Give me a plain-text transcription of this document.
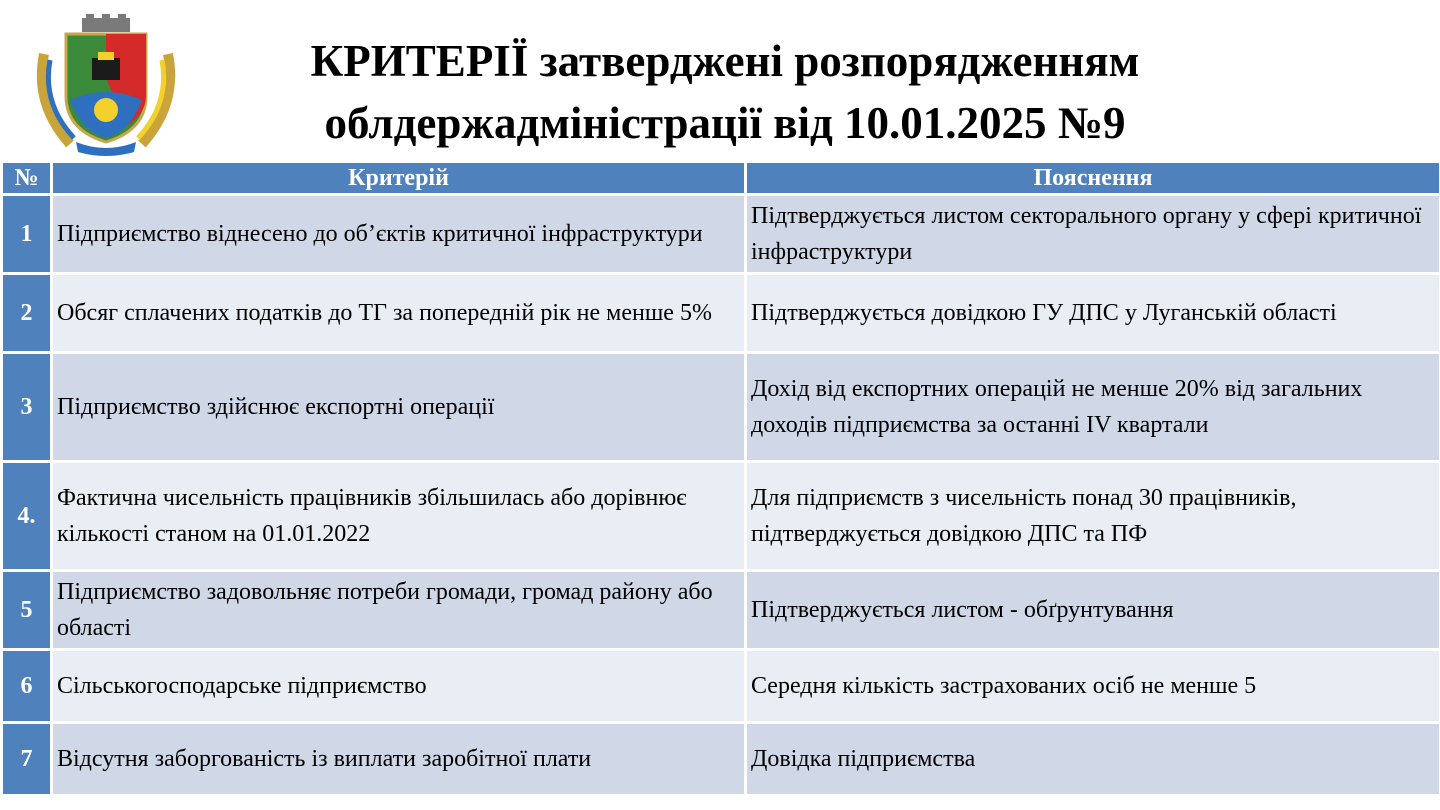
КРИТЕРІЇ затверджені розпорядженням
облдержадміністрації від 10.01.2025 №9
№	Критерій	Пояснення
1	Підприємство віднесено до об’єктів критичної інфраструктури	Підтверджується листом секторального органу у сфері критичної інфраструктури
2	Обсяг сплачених податків до ТГ за попередній рік не менше 5%	Підтверджується довідкою ГУ ДПС у Луганській області
3	Підприємство здійснює експортні операції	Дохід від експортних операцій не менше 20% від загальних доходів підприємства за останні IV квартали
4.	Фактична чисельність працівників збільшилась або дорівнює кількості станом на 01.01.2022	Для підприємств з чисельність понад 30 працівників, підтверджується довідкою ДПС та ПФ
5	Підприємство задовольняє потреби громади, громад району або області	Підтверджується листом - обґрунтування
6	Сільськогосподарське підприємство	Середня кількість застрахованих осіб не менше 5
7	Відсутня заборгованість із виплати заробітної плати	Довідка підприємства
